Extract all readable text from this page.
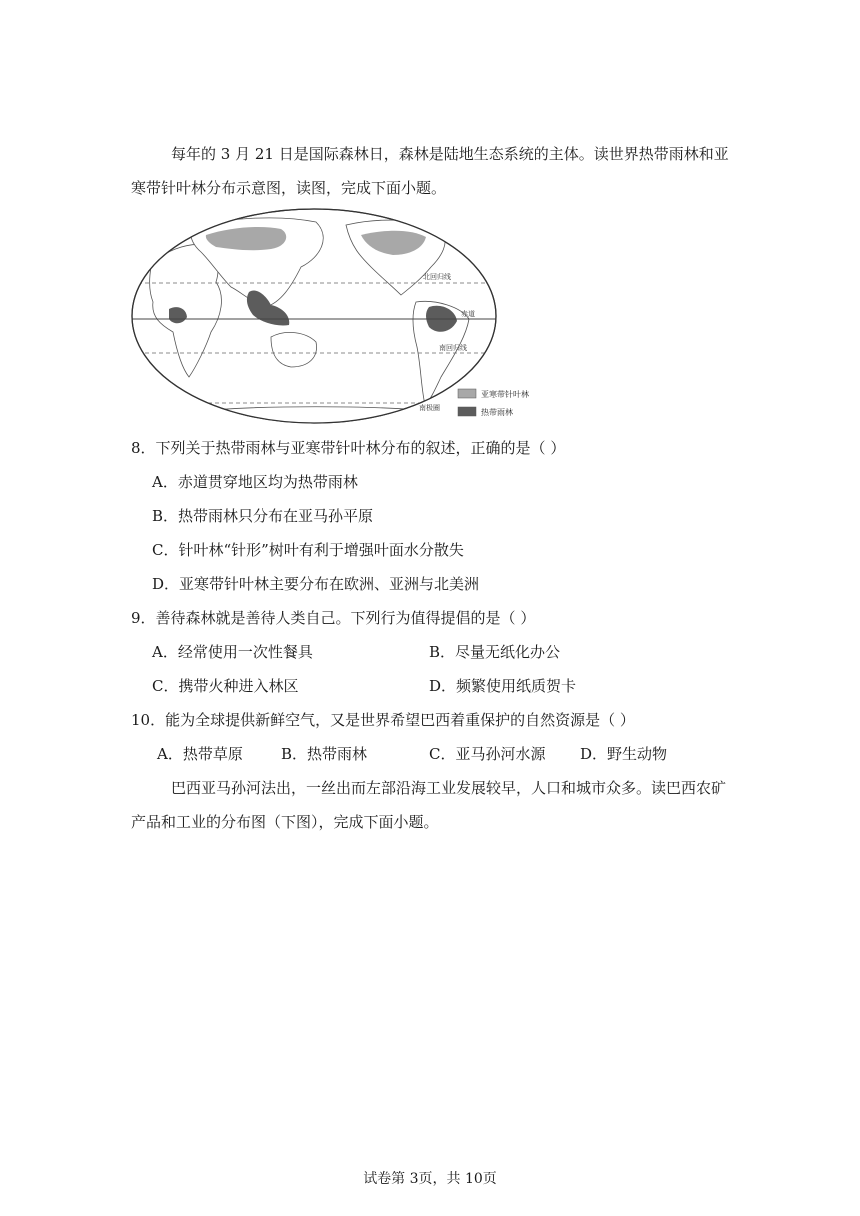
每年的 3 月 21 日是国际森林日，森林是陆地生态系统的主体。读世界热带雨林和亚
寒带针叶林分布示意图，读图，完成下面小题。
北回归线
赤道
南回归线
南极圈
亚寒带针叶林
热带雨林
8．下列关于热带雨林与亚寒带针叶林分布的叙述，正确的是（ ）
A．赤道贯穿地区均为热带雨林
B．热带雨林只分布在亚马孙平原
C．针叶林“针形”树叶有利于增强叶面水分散失
D．亚寒带针叶林主要分布在欧洲、亚洲与北美洲
9．善待森林就是善待人类自己。下列行为值得提倡的是（ ）
A．经常使用一次性餐具	B．尽量无纸化办公
C．携带火种进入林区	D．频繁使用纸质贺卡
10．能为全球提供新鲜空气，又是世界希望巴西着重保护的自然资源是（ ）
A．热带草原	B．热带雨林	C．亚马孙河水源 D．野生动物
巴西亚马孙河法出，一丝出而左部沿海工业发展较早，人口和城市众多。读巴西农矿
产品和工业的分布图（下图），完成下面小题。
试卷第 3页，共 10页
